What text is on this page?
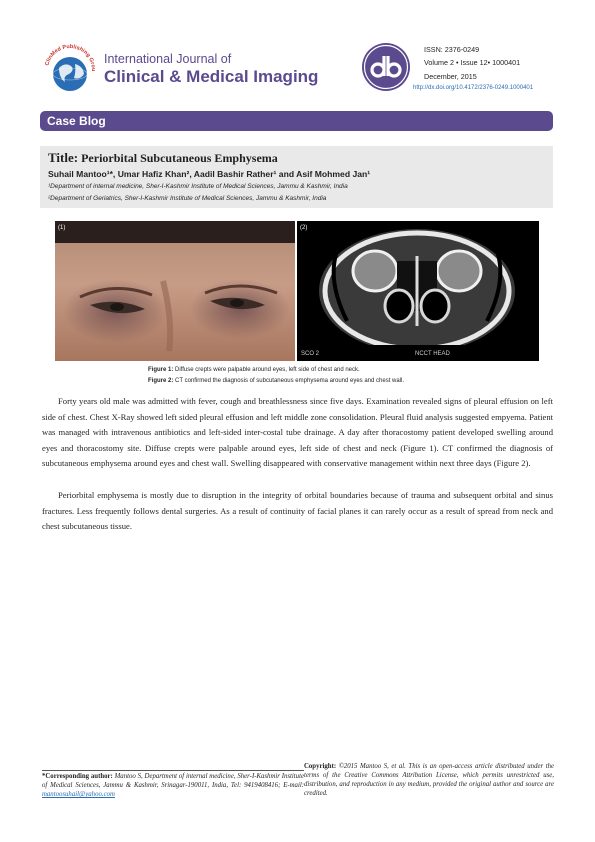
ClinMed Publishing Grou
International Journal of
Clinical & Medical Imaging
ISSN: 2376-0249
Volume 2 • Issue 12• 1000401
December, 2015
http://dx.doi.org/10.4172/2376-0249.1000401
Case Blog
Title: Periorbital Subcutaneous Emphysema
Suhail Mantoo¹*, Umar Hafiz Khan², Aadil Bashir Rather¹ and Asif Mohmed Jan¹
¹Department of internal medicine, Sher-I-Kashmir Institute of Medical Sciences, Jammu & Kashmir, India
²Department of Geriatrics, Sher-I-Kashmir Institute of Medical Sciences, Jammu & Kashmir, India
(1)	(2)
SCO 2	NCCT HEAD
Figure 1: Diffuse crepts were palpable around eyes, left side of chest and neck.
Figure 2: CT confirmed the diagnosis of subcutaneous emphysema around eyes and chest wall.

Forty years old male was admitted with fever, cough and breathlessness since five days. Examination revealed signs of pleural effusion on left side of chest. Chest X-Ray showed left sided pleural effusion and left middle zone consolidation. Pleural fluid analysis suggested empyema. Patient was managed with intravenous antibiotics and left-sided inter-costal tube drainage. A day after thoracostomy patient developed swelling around eyes and thoracostomy site. Diffuse crepts were palpable around eyes, left side of chest and neck (Figure 1). CT confirmed the diagnosis of subcutaneous emphysema around eyes and chest wall. Swelling disappeared with conservative management within next three days (Figure 2).

Periorbital emphysema is mostly due to disruption in the integrity of orbital boundaries because of trauma and subsequent orbital and sinus fractures. Less frequently follows dental surgeries. As a result of continuity of facial planes it can rarely occur as a result of spread from neck and chest subcutaneous tissue.

*Corresponding author: Mantoo S, Department of internal medicine, Sher-I-Kashmir Institute of Medical Sciences, Jammu & Kashmir, Srinagar-190011, India, Tel: 9419408416; E-mail: mantoosuhail@yahoo.com
Copyright: ©2015 Mantoo S, et al. This is an open-access article distributed under the terms of the Creative Commons Attribution License, which permits unrestricted use, distribution, and reproduction in any medium, provided the original author and source are credited.
